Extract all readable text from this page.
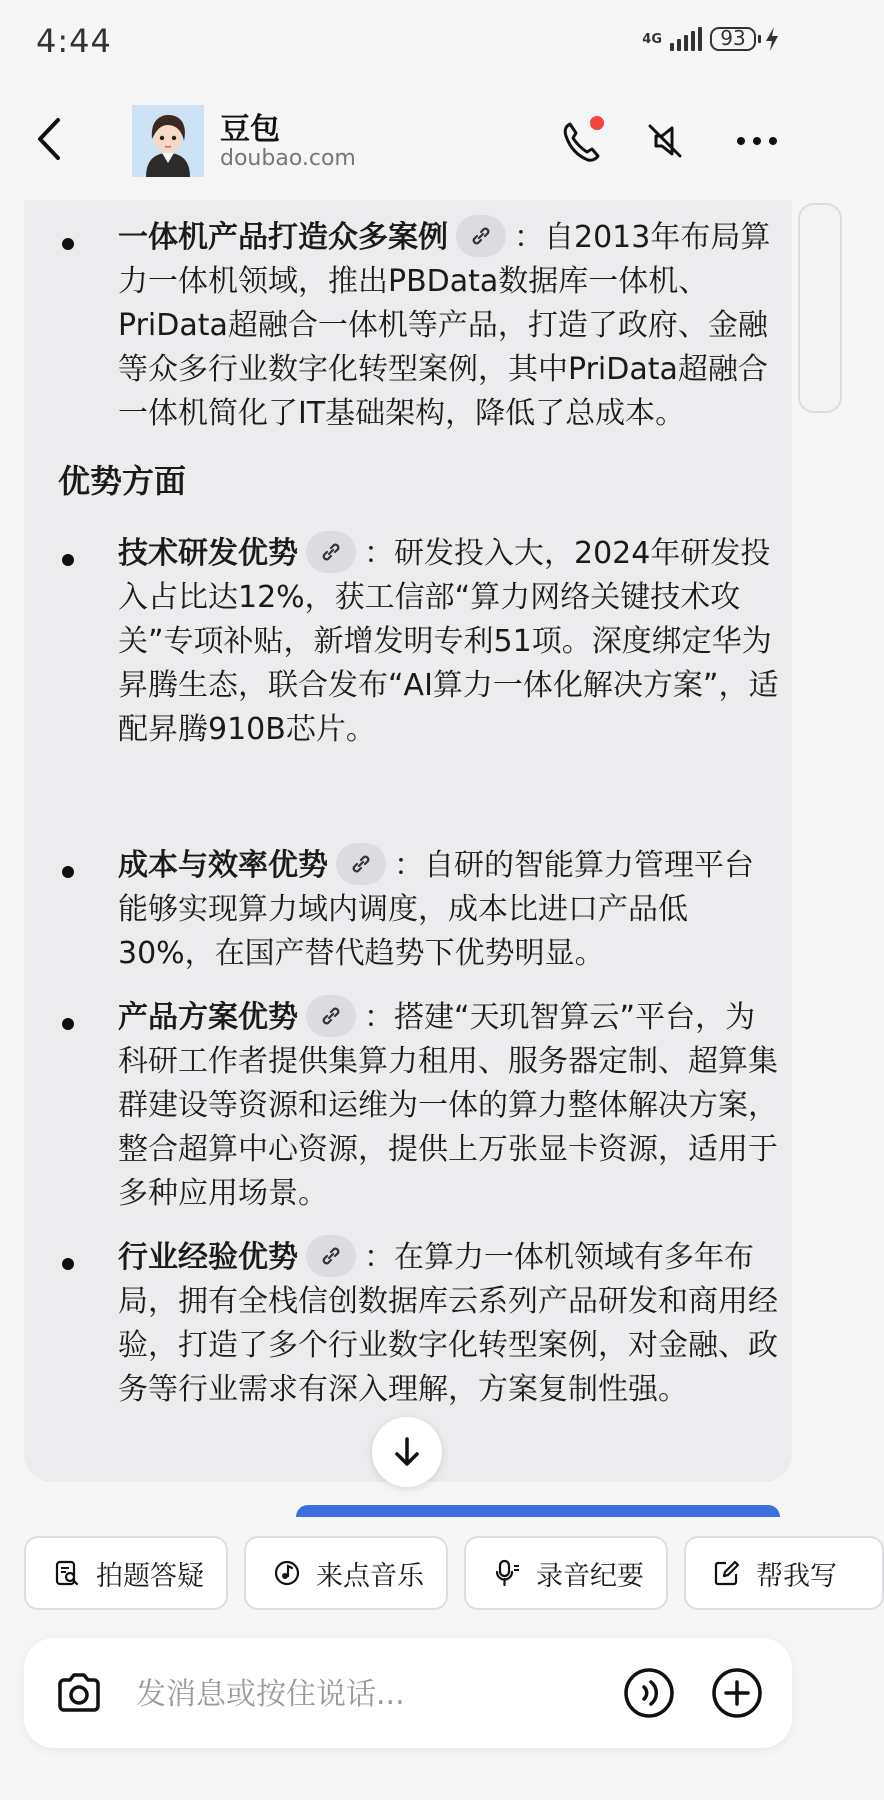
4:44	4G	93
豆包
doubao.com
一体机产品打造众多案例 ：自2013年布局算力一体机领域，推出PBData数据库一体机、PriData超融合一体机等产品，打造了政府、金融等众多行业数字化转型案例，其中PriData超融合一体机简化了IT基础架构，降低了总成本。
优势方面
技术研发优势 ：研发投入大，2024年研发投入占比达12%，获工信部“算力网络关键技术攻关”专项补贴，新增发明专利51项。深度绑定华为昇腾生态，联合发布“AI算力一体化解决方案”，适配昇腾910B芯片。
成本与效率优势 ：自研的智能算力管理平台能够实现算力域内调度，成本比进口产品低30%，在国产替代趋势下优势明显。
产品方案优势 ：搭建“天玑智算云”平台，为科研工作者提供集算力租用、服务器定制、超算集群建设等资源和运维为一体的算力整体解决方案，整合超算中心资源，提供上万张显卡资源，适用于多种应用场景。
行业经验优势 ：在算力一体机领域有多年布局，拥有全栈信创数据库云系列产品研发和商用经验，打造了多个行业数字化转型案例，对金融、政务等行业需求有深入理解，方案复制性强。
拍题答疑	来点音乐	录音纪要	帮我写
发消息或按住说话...
